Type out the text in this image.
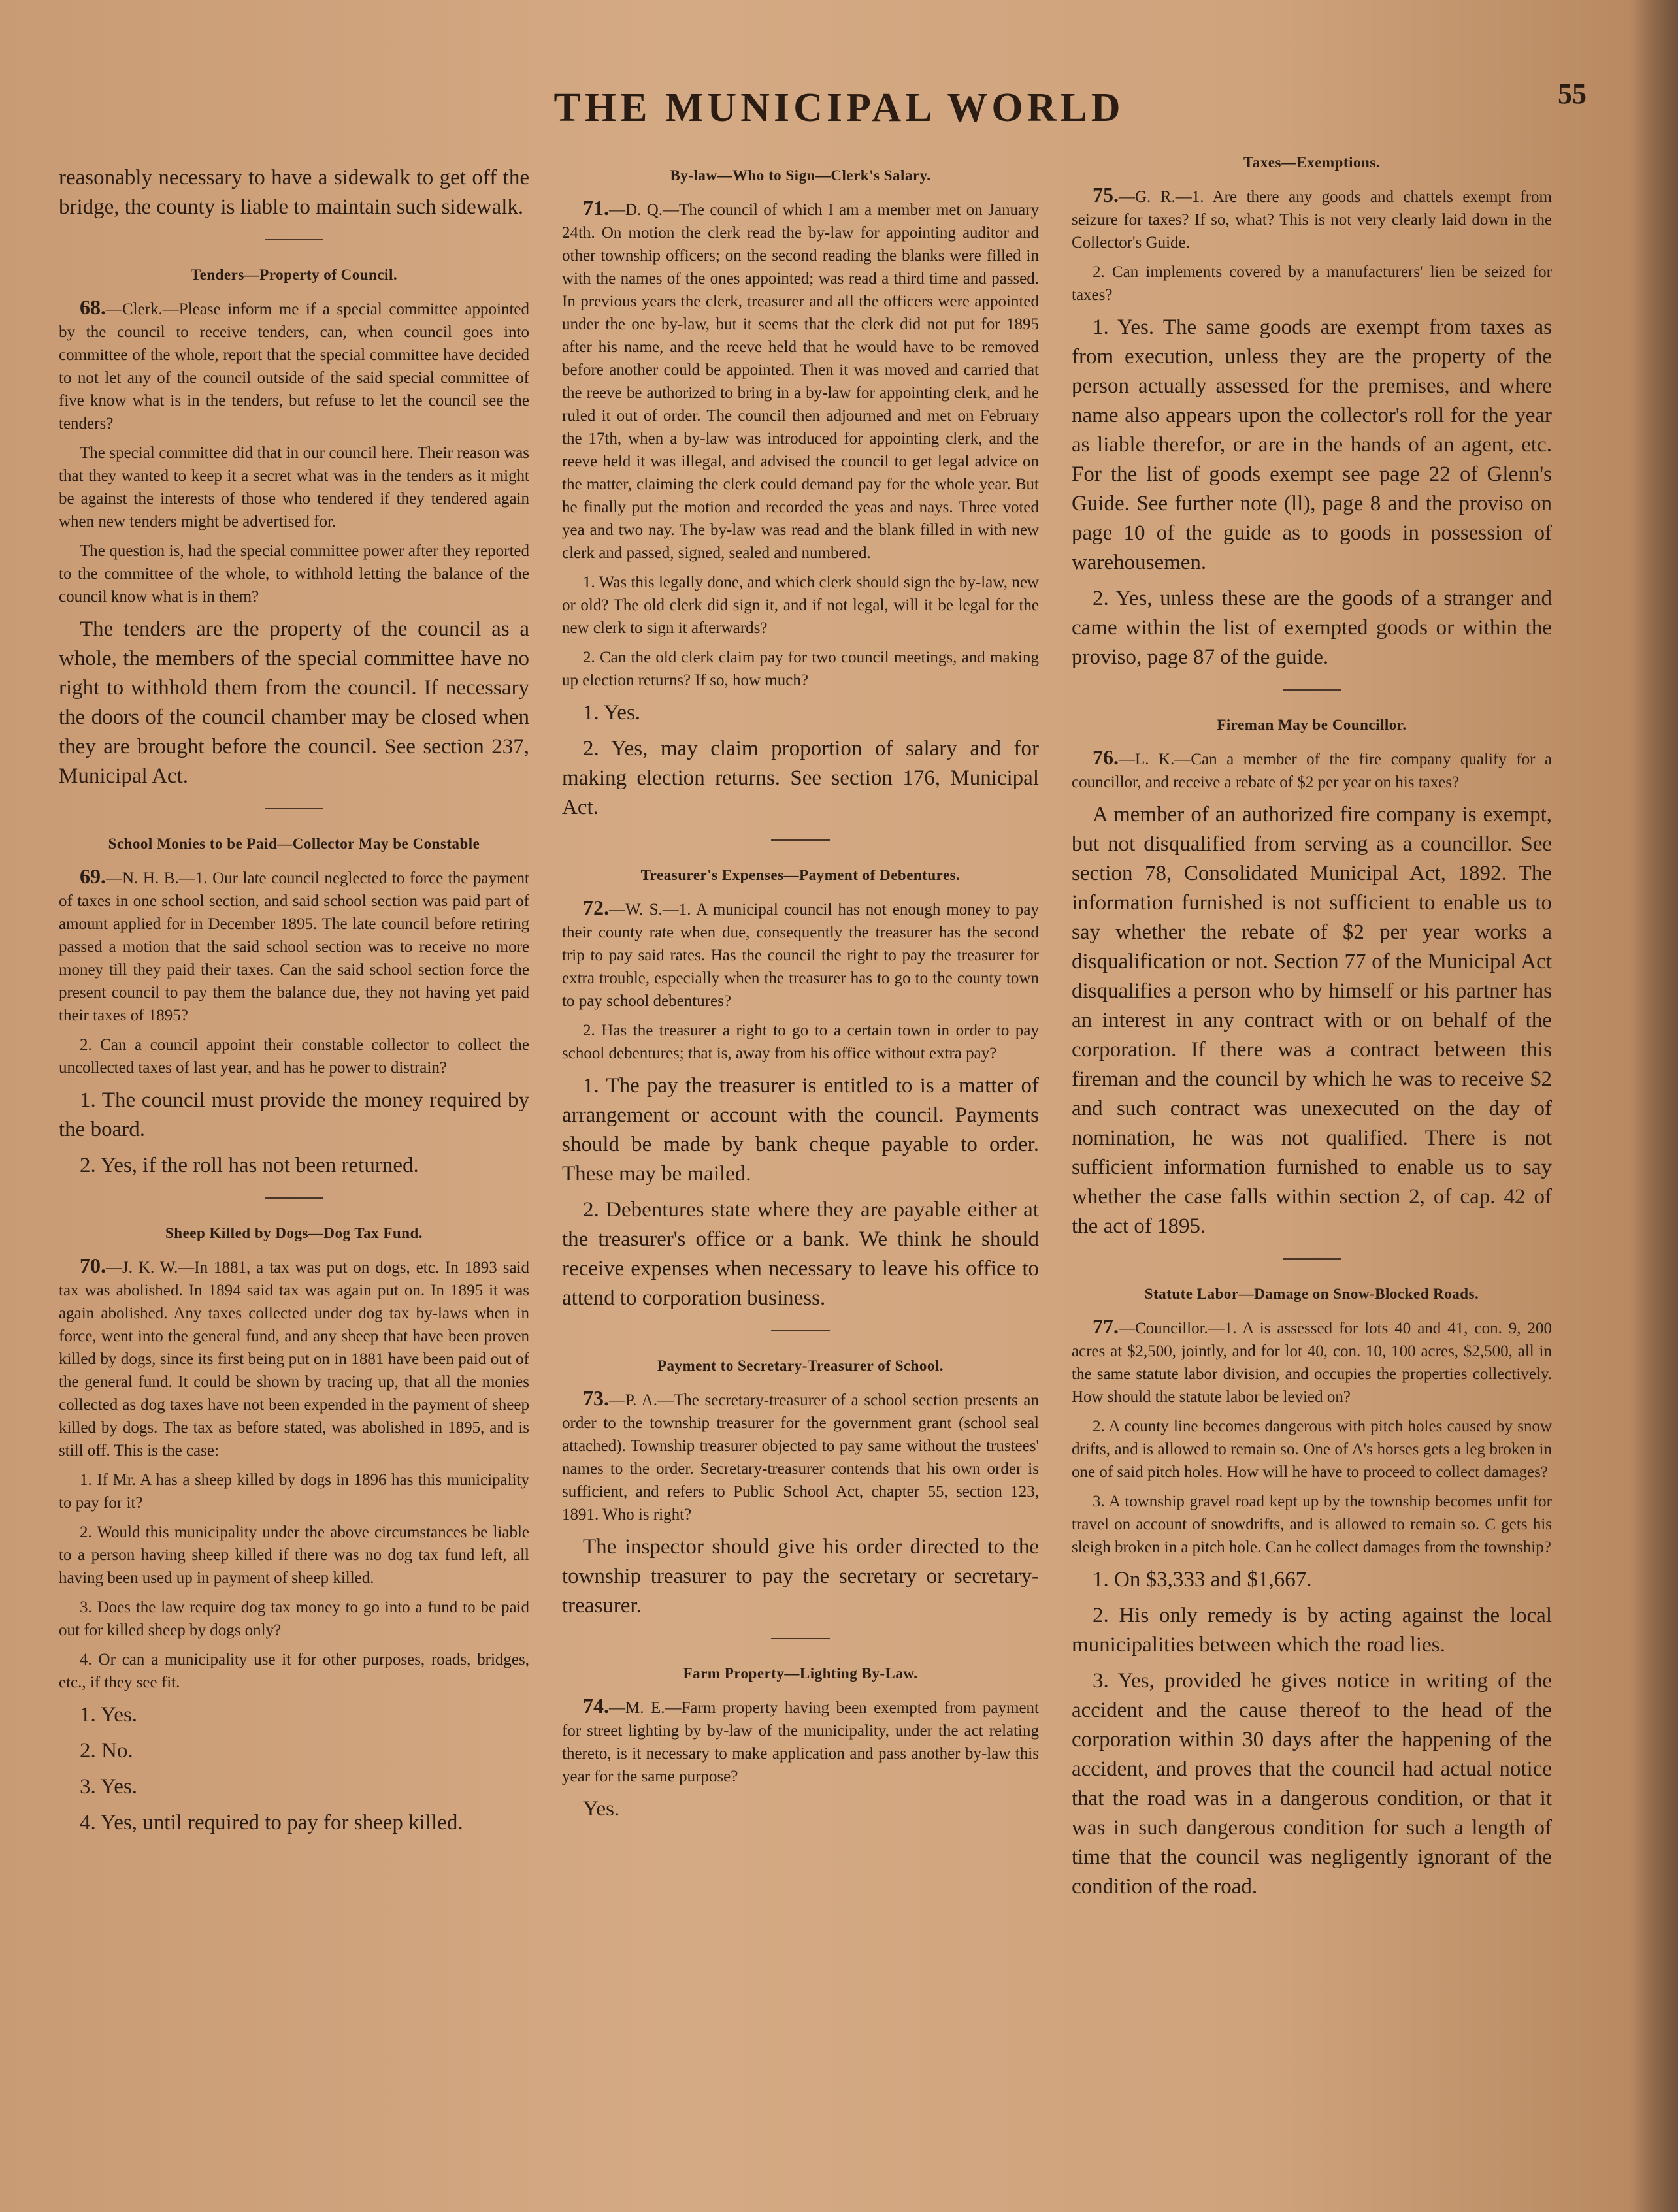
THE MUNICIPAL WORLD	55

reasonably necessary to have a sidewalk to get off the bridge, the county is liable to maintain such sidewalk.

Tenders—Property of Council.

68.—Clerk.—Please inform me if a special committee appointed by the council to receive tenders, can, when council goes into committee of the whole, report that the special committee have decided to not let any of the council outside of the said special committee of five know what is in the tenders, but refuse to let the council see the tenders?

The special committee did that in our council here. Their reason was that they wanted to keep it a secret what was in the tenders as it might be against the interests of those who tendered if they tendered again when new tenders might be advertised for.

The question is, had the special committee power after they reported to the committee of the whole, to withhold letting the balance of the council know what is in them?

The tenders are the property of the council as a whole, the members of the special committee have no right to withhold them from the council. If necessary the doors of the council chamber may be closed when they are brought before the council. See section 237, Municipal Act.

School Monies to be Paid—Collector May be Constable

69.—N. H. B.—1. Our late council neglected to force the payment of taxes in one school section, and said school section was paid part of amount applied for in December 1895. The late council before retiring passed a motion that the said school section was to receive no more money till they paid their taxes. Can the said school section force the present council to pay them the balance due, they not having yet paid their taxes of 1895?

2. Can a council appoint their constable collector to collect the uncollected taxes of last year, and has he power to distrain?

1. The council must provide the money required by the board.

2. Yes, if the roll has not been returned.

Sheep Killed by Dogs—Dog Tax Fund.

70.—J. K. W.—In 1881, a tax was put on dogs, etc. In 1893 said tax was abolished. In 1894 said tax was again put on. In 1895 it was again abolished. Any taxes collected under dog tax by-laws when in force, went into the general fund, and any sheep that have been proven killed by dogs, since its first being put on in 1881 have been paid out of the general fund. It could be shown by tracing up, that all the monies collected as dog taxes have not been expended in the payment of sheep killed by dogs. The tax as before stated, was abolished in 1895, and is still off. This is the case:

1. If Mr. A has a sheep killed by dogs in 1896 has this municipality to pay for it?

2. Would this municipality under the above circumstances be liable to a person having sheep killed if there was no dog tax fund left, all having been used up in payment of sheep killed.

3. Does the law require dog tax money to go into a fund to be paid out for killed sheep by dogs only?

4. Or can a municipality use it for other purposes, roads, bridges, etc., if they see fit.

1. Yes.

2. No.

3. Yes.

4. Yes, until required to pay for sheep killed.

By-law—Who to Sign—Clerk's Salary.

71.—D. Q.—The council of which I am a member met on January 24th. On motion the clerk read the by-law for appointing auditor and other township officers; on the second reading the blanks were filled in with the names of the ones appointed; was read a third time and passed. In previous years the clerk, treasurer and all the officers were appointed under the one by-law, but it seems that the clerk did not put for 1895 after his name, and the reeve held that he would have to be removed before another could be appointed. Then it was moved and carried that the reeve be authorized to bring in a by-law for appointing clerk, and he ruled it out of order. The council then adjourned and met on February the 17th, when a by-law was introduced for appointing clerk, and the reeve held it was illegal, and advised the council to get legal advice on the matter, claiming the clerk could demand pay for the whole year. But he finally put the motion and recorded the yeas and nays. Three voted yea and two nay. The by-law was read and the blank filled in with new clerk and passed, signed, sealed and numbered.

1. Was this legally done, and which clerk should sign the by-law, new or old? The old clerk did sign it, and if not legal, will it be legal for the new clerk to sign it afterwards?

2. Can the old clerk claim pay for two council meetings, and making up election returns? If so, how much?

1. Yes.

2. Yes, may claim proportion of salary and for making election returns. See section 176, Municipal Act.

Treasurer's Expenses—Payment of Debentures.

72.—W. S.—1. A municipal council has not enough money to pay their county rate when due, consequently the treasurer has the second trip to pay said rates. Has the council the right to pay the treasurer for extra trouble, especially when the treasurer has to go to the county town to pay school debentures?

2. Has the treasurer a right to go to a certain town in order to pay school debentures; that is, away from his office without extra pay?

1. The pay the treasurer is entitled to is a matter of arrangement or account with the council. Payments should be made by bank cheque payable to order. These may be mailed.

2. Debentures state where they are payable either at the treasurer's office or a bank. We think he should receive expenses when necessary to leave his office to attend to corporation business.

Payment to Secretary-Treasurer of School.

73.—P. A.—The secretary-treasurer of a school section presents an order to the township treasurer for the government grant (school seal attached). Township treasurer objected to pay same without the trustees' names to the order. Secretary-treasurer contends that his own order is sufficient, and refers to Public School Act, chapter 55, section 123, 1891. Who is right?

The inspector should give his order directed to the township treasurer to pay the secretary or secretary-treasurer.

Farm Property—Lighting By-Law.

74.—M. E.—Farm property having been exempted from payment for street lighting by by-law of the municipality, under the act relating thereto, is it necessary to make application and pass another by-law this year for the same purpose?

Yes.

Taxes—Exemptions.

75.—G. R.—1. Are there any goods and chattels exempt from seizure for taxes? If so, what? This is not very clearly laid down in the Collector's Guide.

2. Can implements covered by a manufacturers' lien be seized for taxes?

1. Yes. The same goods are exempt from taxes as from execution, unless they are the property of the person actually assessed for the premises, and where name also appears upon the collector's roll for the year as liable therefor, or are in the hands of an agent, etc. For the list of goods exempt see page 22 of Glenn's Guide. See further note (ll), page 8 and the proviso on page 10 of the guide as to goods in possession of warehousemen.

2. Yes, unless these are the goods of a stranger and came within the list of exempted goods or within the proviso, page 87 of the guide.

Fireman May be Councillor.

76.—L. K.—Can a member of the fire company qualify for a councillor, and receive a rebate of $2 per year on his taxes?

A member of an authorized fire company is exempt, but not disqualified from serving as a councillor. See section 78, Consolidated Municipal Act, 1892. The information furnished is not sufficient to enable us to say whether the rebate of $2 per year works a disqualification or not. Section 77 of the Municipal Act disqualifies a person who by himself or his partner has an interest in any contract with or on behalf of the corporation. If there was a contract between this fireman and the council by which he was to receive $2 and such contract was unexecuted on the day of nomination, he was not qualified. There is not sufficient information furnished to enable us to say whether the case falls within section 2, of cap. 42 of the act of 1895.

Statute Labor—Damage on Snow-Blocked Roads.

77.—Councillor.—1. A is assessed for lots 40 and 41, con. 9, 200 acres at $2,500, jointly, and for lot 40, con. 10, 100 acres, $2,500, all in the same statute labor division, and occupies the properties collectively. How should the statute labor be levied on?

2. A county line becomes dangerous with pitch holes caused by snow drifts, and is allowed to remain so. One of A's horses gets a leg broken in one of said pitch holes. How will he have to proceed to collect damages?

3. A township gravel road kept up by the township becomes unfit for travel on account of snowdrifts, and is allowed to remain so. C gets his sleigh broken in a pitch hole. Can he collect damages from the township?

1. On $3,333 and $1,667.

2. His only remedy is by acting against the local municipalities between which the road lies.

3. Yes, provided he gives notice in writing of the accident and the cause thereof to the head of the corporation within 30 days after the happening of the accident, and proves that the council had actual notice that the road was in a dangerous condition, or that it was in such dangerous condition for such a length of time that the council was negligently ignorant of the condition of the road.
